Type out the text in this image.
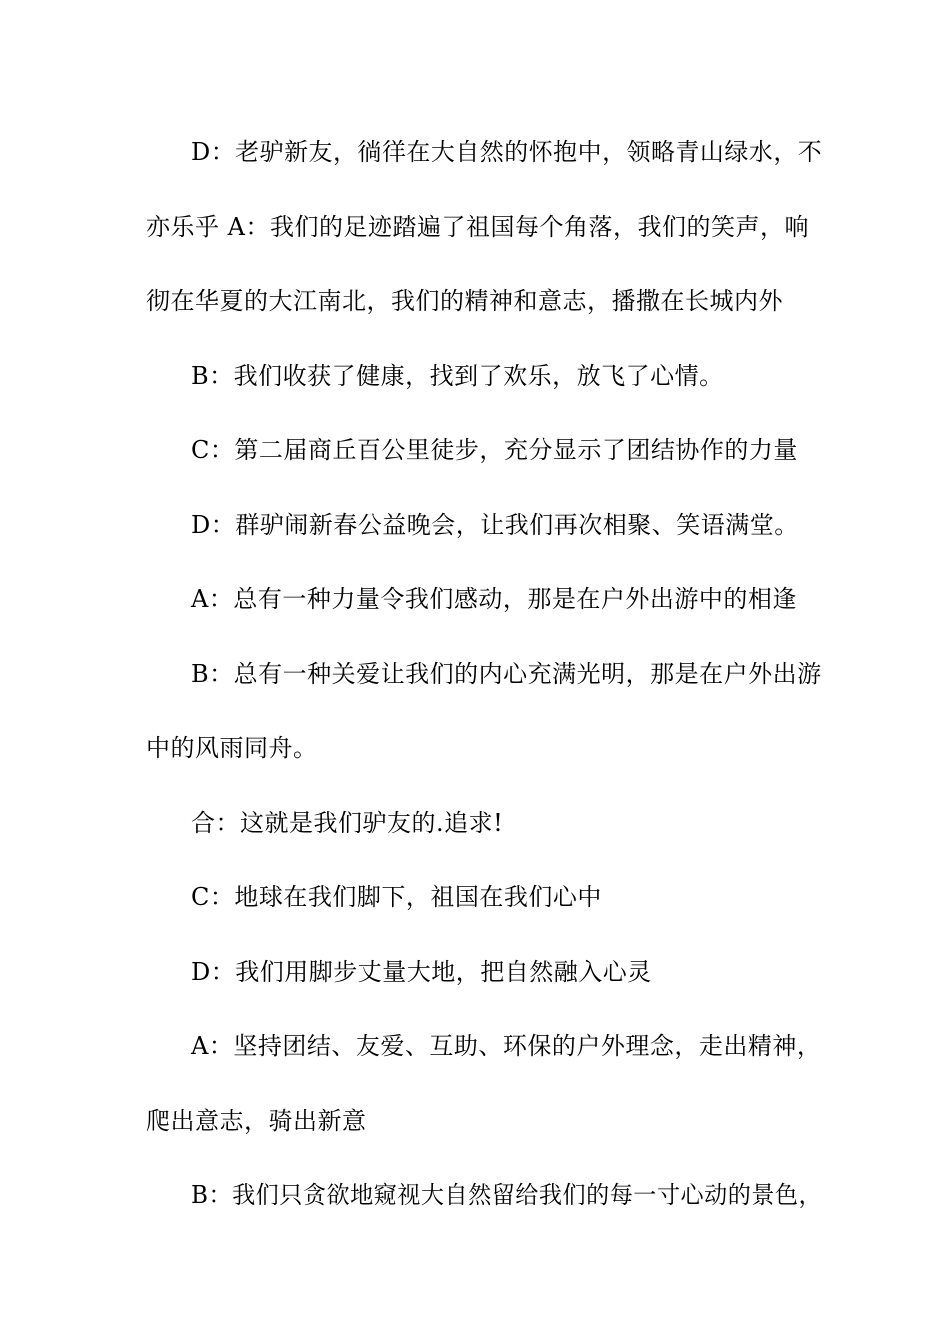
D：老驴新友，徜徉在大自然的怀抱中，领略青山绿水，不
亦乐乎 A：我们的足迹踏遍了祖国每个角落，我们的笑声，响
彻在华夏的大江南北，我们的精神和意志，播撒在长城内外
B：我们收获了健康，找到了欢乐，放飞了心情。
C：第二届商丘百公里徒步，充分显示了团结协作的力量
D：群驴闹新春公益晚会，让我们再次相聚、笑语满堂。
A：总有一种力量令我们感动，那是在户外出游中的相逢
B：总有一种关爱让我们的内心充满光明，那是在户外出游
中的风雨同舟。
合：这就是我们驴友的.追求!
C：地球在我们脚下，祖国在我们心中
D：我们用脚步丈量大地，把自然融入心灵
A：坚持团结、友爱、互助、环保的户外理念，走出精神，
爬出意志，骑出新意
B：我们只贪欲地窥视大自然留给我们的每一寸心动的景色，
